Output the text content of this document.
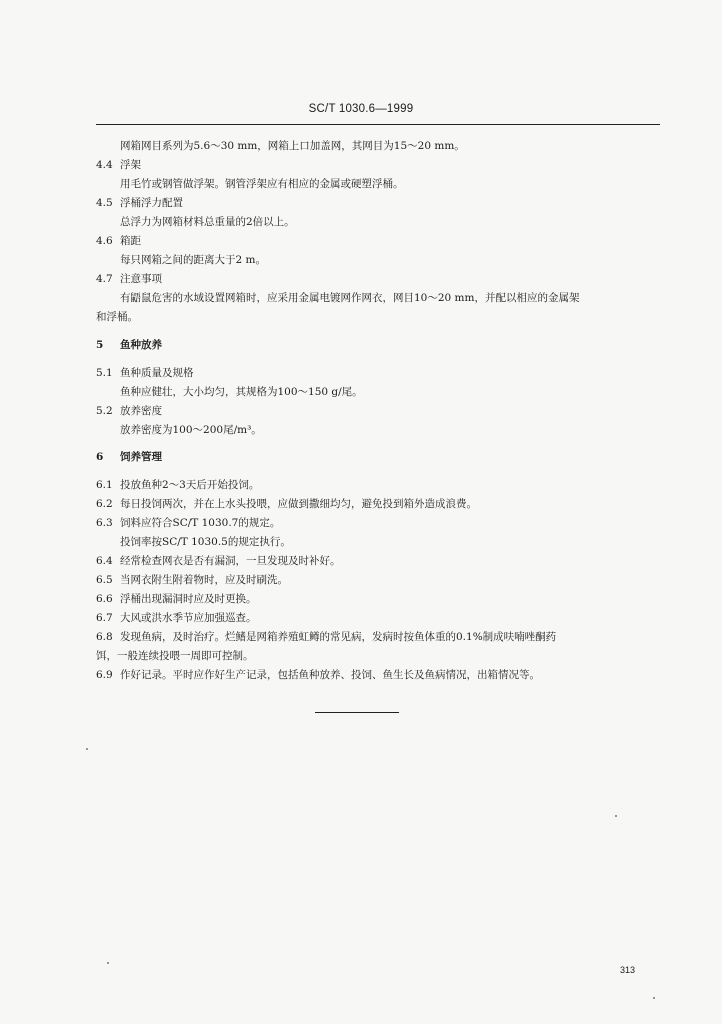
SC/T 1030.6—1999
网箱网目系列为5.6～30 mm，网箱上口加盖网，其网目为15～20 mm。
4.4 浮架
用毛竹或钢管做浮架。钢管浮架应有相应的金属或硬塑浮桶。
4.5 浮桶浮力配置
总浮力为网箱材料总重量的2倍以上。
4.6 箱距
每只网箱之间的距离大于2 m。
4.7 注意事项
有鼯鼠危害的水域设置网箱时，应采用金属电镀网作网衣，网目10～20 mm，并配以相应的金属架
和浮桶。
5 鱼种放养
5.1 鱼种质量及规格
鱼种应健壮，大小均匀，其规格为100～150 g/尾。
5.2 放养密度
放养密度为100～200尾/m³。
6 饲养管理
6.1 投放鱼种2～3天后开始投饲。
6.2 每日投饲两次，并在上水头投喂，应做到撒细均匀，避免投到箱外造成浪费。
6.3 饲料应符合SC/T 1030.7的规定。
投饲率按SC/T 1030.5的规定执行。
6.4 经常检查网衣是否有漏洞，一旦发现及时补好。
6.5 当网衣附生附着物时，应及时刷洗。
6.6 浮桶出现漏洞时应及时更换。
6.7 大风或洪水季节应加强巡查。
6.8 发现鱼病，及时治疗。烂鳍是网箱养殖虹鳟的常见病，发病时按鱼体重的0.1%制成呋喃唑酮药
饵，一般连续投喂一周即可控制。
6.9 作好记录。平时应作好生产记录，包括鱼种放养、投饲、鱼生长及鱼病情况，出箱情况等。
313
